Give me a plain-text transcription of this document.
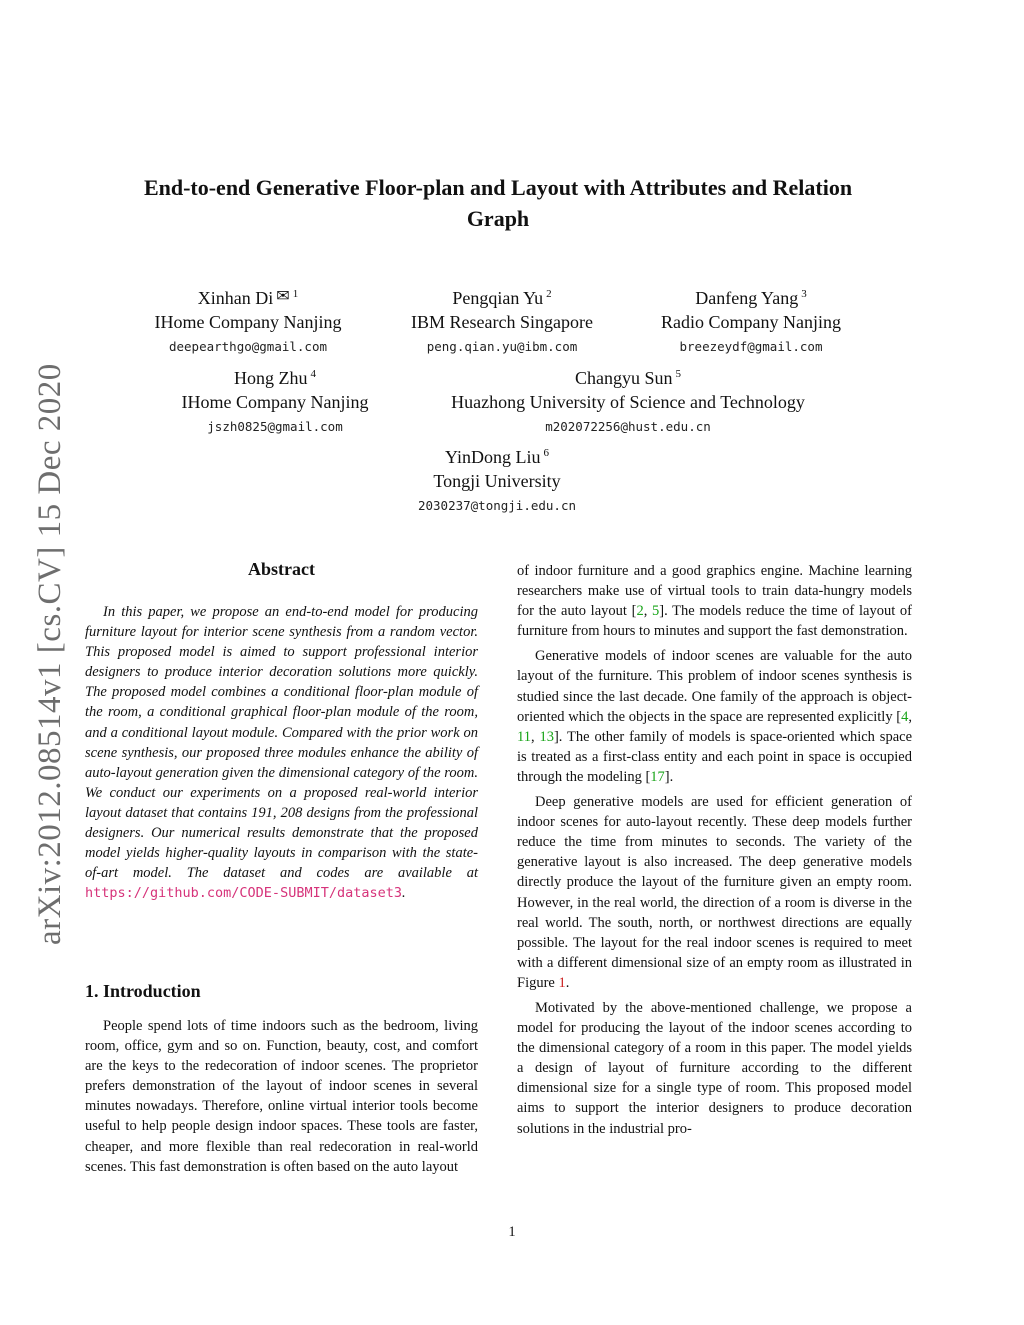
arXiv:2012.08514v1 [cs.CV] 15 Dec 2020
End-to-end Generative Floor-plan and Layout with Attributes and Relation
Graph
Xinhan Di ✉ $^1$
IHome Company Nanjing
deepearthgo@gmail.com
Pengqian Yu $^2$
IBM Research Singapore
peng.qian.yu@ibm.com
Danfeng Yang $^3$
Radio Company Nanjing
breezeydf@gmail.com
Hong Zhu $^4$
IHome Company Nanjing
jszh0825@gmail.com
Changyu Sun $^5$
Huazhong University of Science and Technology
m202072256@hust.edu.cn
YinDong Liu $^6$
Tongji University
2030237@tongji.edu.cn
Abstract
In this paper, we propose an end-to-end model for producing furniture layout for interior scene synthesis from a random vector. This proposed model is aimed to support professional interior designers to produce interior decoration solutions more quickly. The proposed model combines a conditional floor-plan module of the room, a conditional graphical floor-plan module of the room, and a conditional layout module. Compared with the prior work on scene synthesis, our proposed three modules enhance the ability of auto-layout generation given the dimensional category of the room. We conduct our experiments on a proposed real-world interior layout dataset that contains 191, 208 designs from the professional designers. Our numerical results demonstrate that the proposed model yields higher-quality layouts in comparison with the state-of-art model. The dataset and codes are available at https://github.com/CODE-SUBMIT/dataset3.
1. Introduction
People spend lots of time indoors such as the bedroom, living room, office, gym and so on. Function, beauty, cost, and comfort are the keys to the redecoration of indoor scenes. The proprietor prefers demonstration of the layout of indoor scenes in several minutes nowadays. Therefore, online virtual interior tools become useful to help people design indoor spaces. These tools are faster, cheaper, and more flexible than real redecoration in real-world scenes. This fast demonstration is often based on the auto layout

of indoor furniture and a good graphics engine. Machine learning researchers make use of virtual tools to train data-hungry models for the auto layout [2, 5]. The models reduce the time of layout of furniture from hours to minutes and support the fast demonstration.

Generative models of indoor scenes are valuable for the auto layout of the furniture. This problem of indoor scenes synthesis is studied since the last decade. One family of the approach is object-oriented which the objects in the space are represented explicitly [4, 11, 13]. The other family of models is space-oriented which space is treated as a first-class entity and each point in space is occupied through the modeling [17].

Deep generative models are used for efficient generation of indoor scenes for auto-layout recently. These deep models further reduce the time from minutes to seconds. The variety of the generative layout is also increased. The deep generative models directly produce the layout of the furniture given an empty room. However, in the real world, the direction of a room is diverse in the real world. The south, north, or northwest directions are equally possible. The layout for the real indoor scenes is required to meet with a different dimensional size of an empty room as illustrated in Figure 1.

Motivated by the above-mentioned challenge, we propose a model for producing the layout of the indoor scenes according to the dimensional category of a room in this paper. The model yields a design of layout of furniture according to the different dimensional size for a single type of room. This proposed model aims to support the interior designers to produce decoration solutions in the industrial pro-

1
